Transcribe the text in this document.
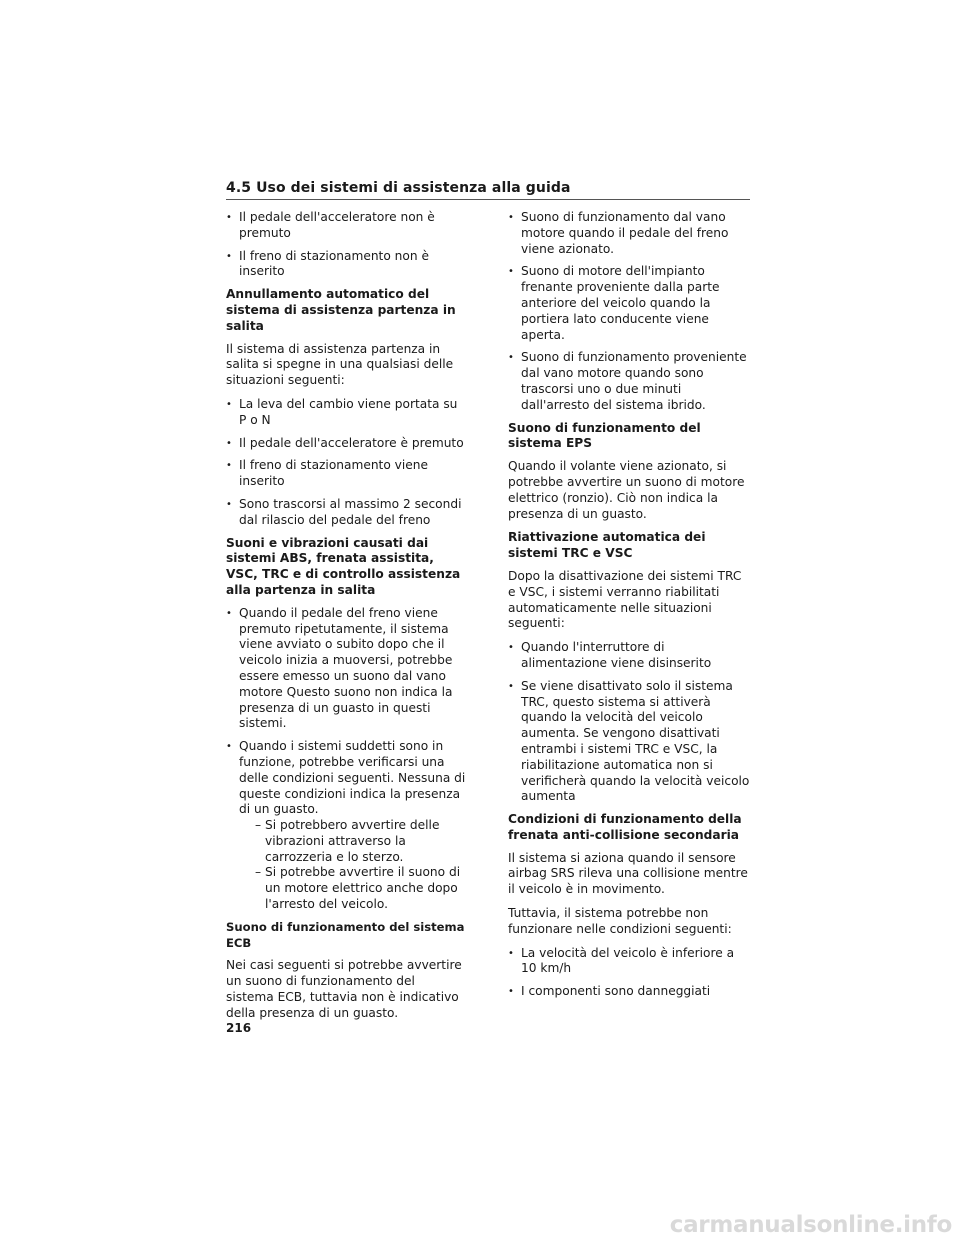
4.5 Uso dei sistemi di assistenza alla guida
• Il pedale dell'acceleratore non è premuto
• Il freno di stazionamento non è inserito
Annullamento automatico del sistema di assistenza partenza in salita
Il sistema di assistenza partenza in salita si spegne in una qualsiasi delle situazioni seguenti:
• La leva del cambio viene portata su P o N
• Il pedale dell'acceleratore è premuto
• Il freno di stazionamento viene inserito
• Sono trascorsi al massimo 2 secondi dal rilascio del pedale del freno
Suoni e vibrazioni causati dai sistemi ABS, frenata assistita, VSC, TRC e di controllo assistenza alla partenza in salita
• Quando il pedale del freno viene premuto ripetutamente, il sistema viene avviato o subito dopo che il veicolo inizia a muoversi, potrebbe essere emesso un suono dal vano motore Questo suono non indica la presenza di un guasto in questi sistemi.
• Quando i sistemi suddetti sono in funzione, potrebbe verificarsi una delle condizioni seguenti. Nessuna di queste condizioni indica la presenza di un guasto.
– Si potrebbero avvertire delle vibrazioni attraverso la carrozzeria e lo sterzo.
– Si potrebbe avvertire il suono di un motore elettrico anche dopo l'arresto del veicolo.
Suono di funzionamento del sistema ECB
Nei casi seguenti si potrebbe avvertire un suono di funzionamento del sistema ECB, tuttavia non è indicativo della presenza di un guasto.
• Suono di funzionamento dal vano motore quando il pedale del freno viene azionato.
• Suono di motore dell'impianto frenante proveniente dalla parte anteriore del veicolo quando la portiera lato conducente viene aperta.
• Suono di funzionamento proveniente dal vano motore quando sono trascorsi uno o due minuti dall'arresto del sistema ibrido.
Suono di funzionamento del sistema EPS
Quando il volante viene azionato, si potrebbe avvertire un suono di motore elettrico (ronzio). Ciò non indica la presenza di un guasto.
Riattivazione automatica dei sistemi TRC e VSC
Dopo la disattivazione dei sistemi TRC e VSC, i sistemi verranno riabilitati automaticamente nelle situazioni seguenti:
• Quando l'interruttore di alimentazione viene disinserito
• Se viene disattivato solo il sistema TRC, questo sistema si attiverà quando la velocità del veicolo aumenta. Se vengono disattivati entrambi i sistemi TRC e VSC, la riabilitazione automatica non si verificherà quando la velocità veicolo aumenta
Condizioni di funzionamento della frenata anti-collisione secondaria
Il sistema si aziona quando il sensore airbag SRS rileva una collisione mentre il veicolo è in movimento.
Tuttavia, il sistema potrebbe non funzionare nelle condizioni seguenti:
• La velocità del veicolo è inferiore a 10 km/h
• I componenti sono danneggiati
216
carmanualsonline.info
